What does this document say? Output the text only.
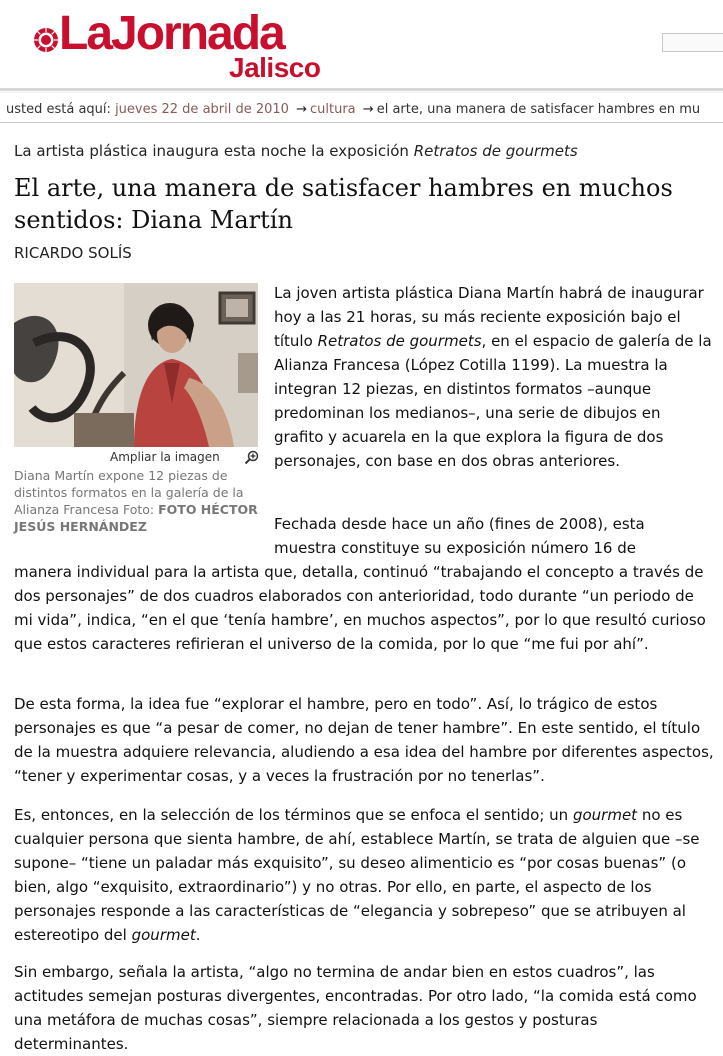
LaJornada
Jalisco
usted está aquí: jueves 22 de abril de 2010 → cultura → el arte, una manera de satisfacer hambres en mu
La artista plástica inaugura esta noche la exposición Retratos de gourmets
El arte, una manera de satisfacer hambres en muchos sentidos: Diana Martín
RICARDO SOLÍS
Ampliar la imagen
Diana Martín expone 12 piezas de distintos formatos en la galería de la Alianza Francesa Foto: FOTO HÉCTOR JESÚS HERNÁNDEZ

La joven artista plástica Diana Martín habrá de inaugurar hoy a las 21 horas, su más reciente exposición bajo el título Retratos de gourmets, en el espacio de galería de la Alianza Francesa (López Cotilla 1199). La muestra la integran 12 piezas, en distintos formatos –aunque predominan los medianos–, una serie de dibujos en grafito y acuarela en la que explora la figura de dos personajes, con base en dos obras anteriores.

Fechada desde hace un año (fines de 2008), esta

muestra constituye su exposición número 16 de

manera individual para la artista que, detalla, continuó “trabajando el concepto a través de dos personajes” de dos cuadros elaborados con anterioridad, todo durante “un periodo de mi vida”, indica, “en el que ‘tenía hambre’, en muchos aspectos”, por lo que resultó curioso que estos caracteres refirieran el universo de la comida, por lo que “me fui por ahí”.

De esta forma, la idea fue “explorar el hambre, pero en todo”. Así, lo trágico de estos personajes es que “a pesar de comer, no dejan de tener hambre”. En este sentido, el título de la muestra adquiere relevancia, aludiendo a esa idea del hambre por diferentes aspectos, “tener y experimentar cosas, y a veces la frustración por no tenerlas”.

Es, entonces, en la selección de los términos que se enfoca el sentido; un gourmet no es cualquier persona que sienta hambre, de ahí, establece Martín, se trata de alguien que –se supone– “tiene un paladar más exquisito”, su deseo alimenticio es “por cosas buenas” (o bien, algo “exquisito, extraordinario”) y no otras. Por ello, en parte, el aspecto de los personajes responde a las características de “elegancia y sobrepeso” que se atribuyen al estereotipo del gourmet.

Sin embargo, señala la artista, “algo no termina de andar bien en estos cuadros”, las actitudes semejan posturas divergentes, encontradas. Por otro lado, “la comida está como una metáfora de muchas cosas”, siempre relacionada a los gestos y posturas determinantes.
